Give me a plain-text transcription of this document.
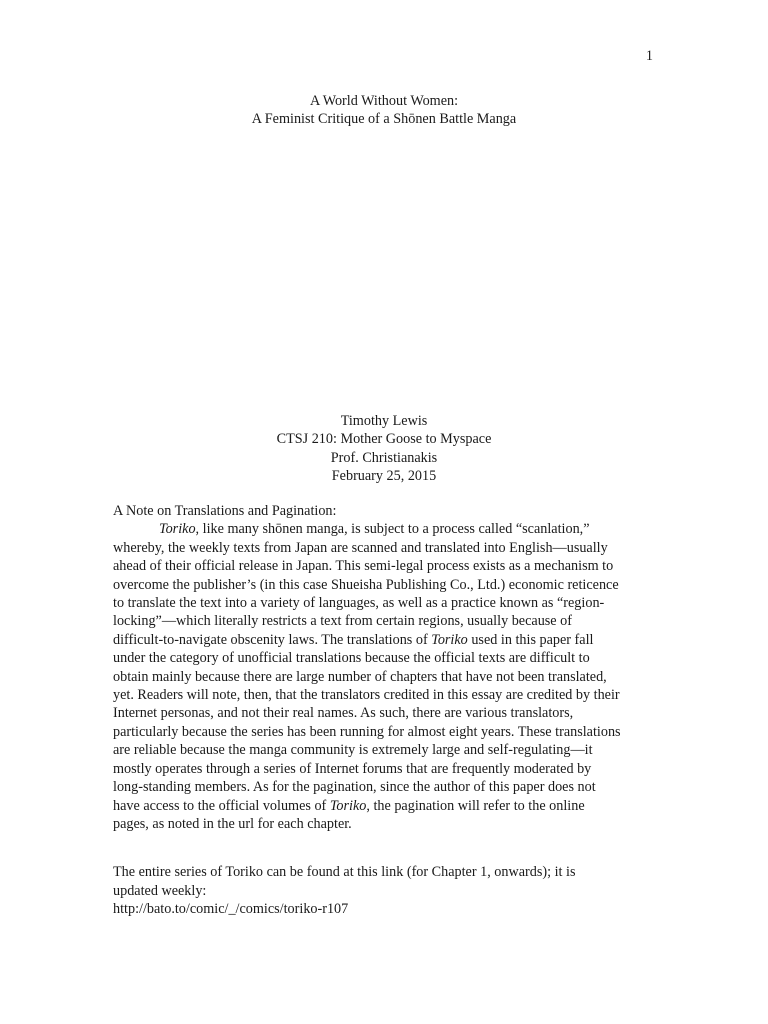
1
A World Without Women:
A Feminist Critique of a Shōnen Battle Manga
Timothy Lewis
CTSJ 210: Mother Goose to Myspace
Prof. Christianakis
February 25, 2015
A Note on Translations and Pagination:
Toriko, like many shōnen manga, is subject to a process called “scanlation,”
whereby, the weekly texts from Japan are scanned and translated into English—usually
ahead of their official release in Japan. This semi-legal process exists as a mechanism to
overcome the publisher’s (in this case Shueisha Publishing Co., Ltd.) economic reticence
to translate the text into a variety of languages, as well as a practice known as “region-
locking”—which literally restricts a text from certain regions, usually because of
difficult-to-navigate obscenity laws. The translations of Toriko used in this paper fall
under the category of unofficial translations because the official texts are difficult to
obtain mainly because there are large number of chapters that have not been translated,
yet. Readers will note, then, that the translators credited in this essay are credited by their
Internet personas, and not their real names. As such, there are various translators,
particularly because the series has been running for almost eight years. These translations
are reliable because the manga community is extremely large and self-regulating—it
mostly operates through a series of Internet forums that are frequently moderated by
long-standing members. As for the pagination, since the author of this paper does not
have access to the official volumes of Toriko, the pagination will refer to the online
pages, as noted in the url for each chapter.
The entire series of Toriko can be found at this link (for Chapter 1, onwards); it is
updated weekly:
http://bato.to/comic/_/comics/toriko-r107
